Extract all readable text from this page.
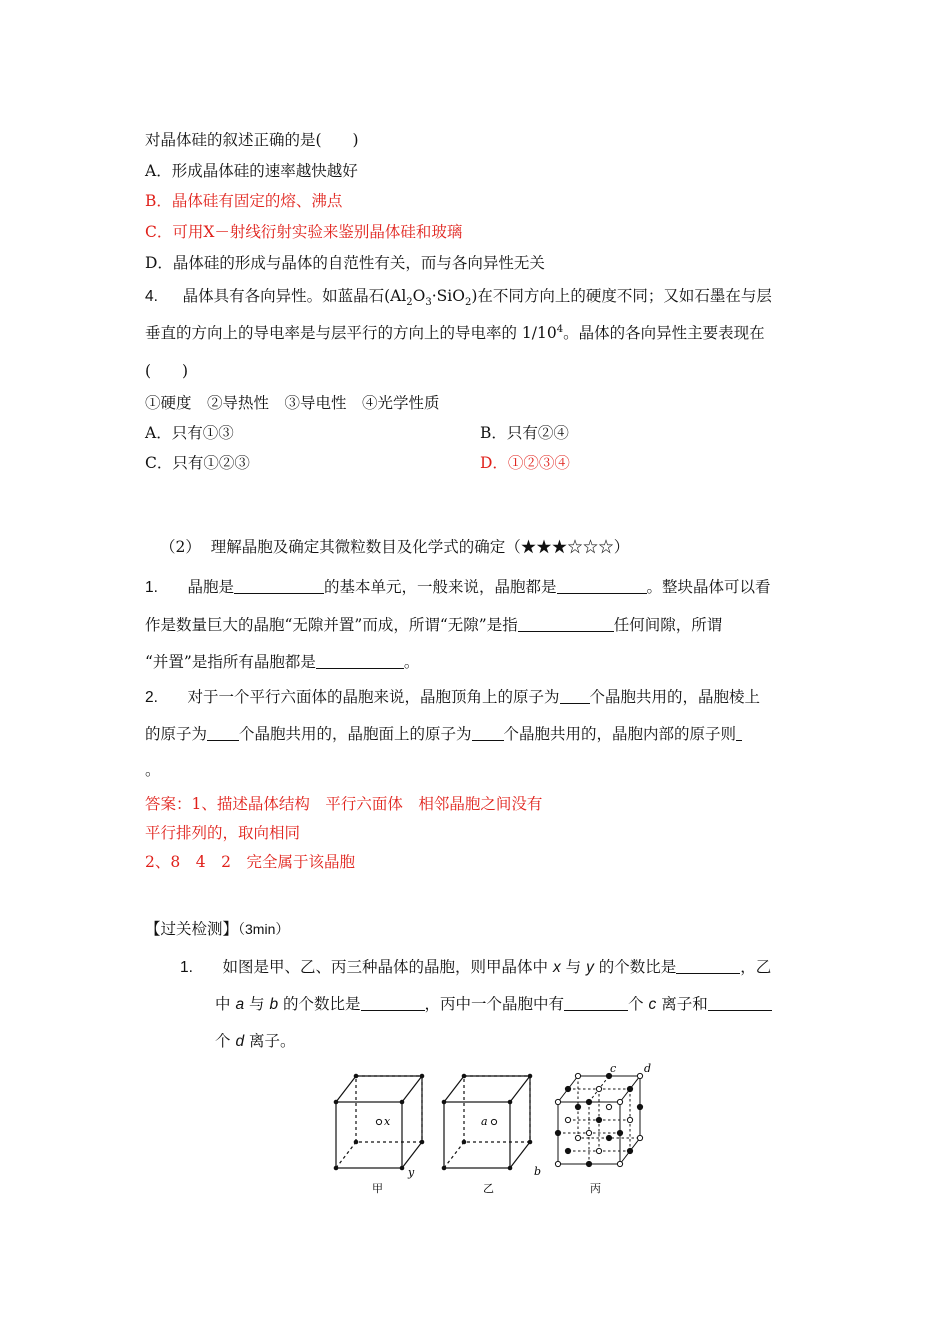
对晶体硅的叙述正确的是(　　)
A．形成晶体硅的速率越快越好
B．晶体硅有固定的熔、沸点
C．可用X－射线衍射实验来鉴别晶体硅和玻璃
D．晶体硅的形成与晶体的自范性有关，而与各向异性无关
4. 晶体具有各向异性。如蓝晶石$(Al_2O_3\cdot SiO_2)$在不同方向上的硬度不同；又如石墨在与层
垂直的方向上的导电率是与层平行的方向上的导电率的 $1/10^4$。晶体的各向异性主要表现在
(　　)
①硬度　②导热性　③导电性　④光学性质
A．只有①③	B．只有②④
C．只有①②③	D．①②③④
（2） 理解晶胞及确定其微粒数目及化学式的确定（★★★☆☆☆）
1. 晶胞是	的基本单元，一般来说，晶胞都是	。整块晶体可以看
作是数量巨大的晶胞“无隙并置”而成，所谓“无隙”是指	任何间隙，所谓
“并置”是指所有晶胞都是	。
2. 对于一个平行六面体的晶胞来说，晶胞顶角上的原子为 个晶胞共用的，晶胞棱上
的原子为 个晶胞共用的，晶胞面上的原子为 个晶胞共用的，晶胞内部的原子则
。
答案：1、描述晶体结构　平行六面体　相邻晶胞之间没有
平行排列的，取向相同
2、8　4　2　完全属于该晶胞
【过关检测】（3min）
1. 如图是甲、乙、丙三种晶体的晶胞，则甲晶体中 x 与 y 的个数比是	，乙
中 a 与 b 的个数比是	，丙中一个晶胞中有	个 c 离子和
个 d 离子。
x
y
甲
a
b
乙
c	d
丙
